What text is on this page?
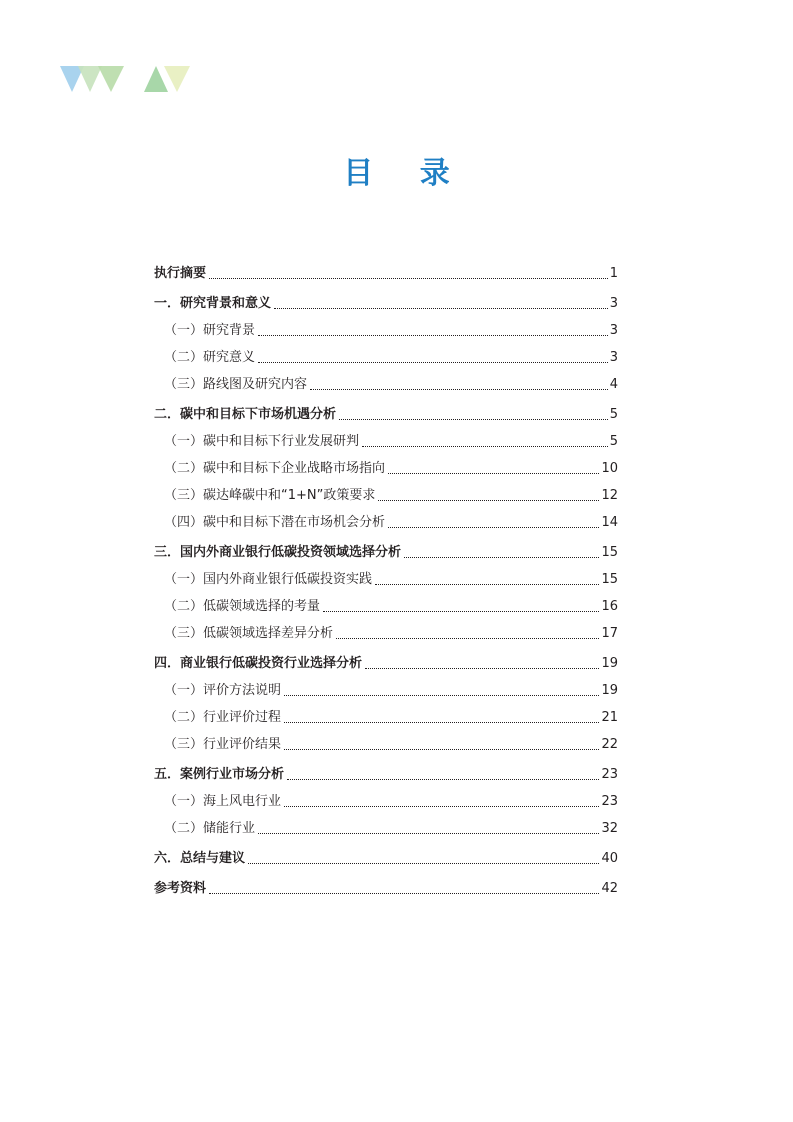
目 录
执行摘要	1
一．研究背景和意义	3
（一）研究背景	3
（二）研究意义	3
（三）路线图及研究内容	4
二．碳中和目标下市场机遇分析	5
（一）碳中和目标下行业发展研判	5
（二）碳中和目标下企业战略市场指向	10
（三）碳达峰碳中和“1+N”政策要求	12
（四）碳中和目标下潜在市场机会分析	14
三．国内外商业银行低碳投资领域选择分析	15
（一）国内外商业银行低碳投资实践	15
（二）低碳领域选择的考量	16
（三）低碳领域选择差异分析	17
四．商业银行低碳投资行业选择分析	19
（一）评价方法说明	19
（二）行业评价过程	21
（三）行业评价结果	22
五．案例行业市场分析	23
（一）海上风电行业	23
（二）储能行业	32
六．总结与建议	40
参考资料	42
